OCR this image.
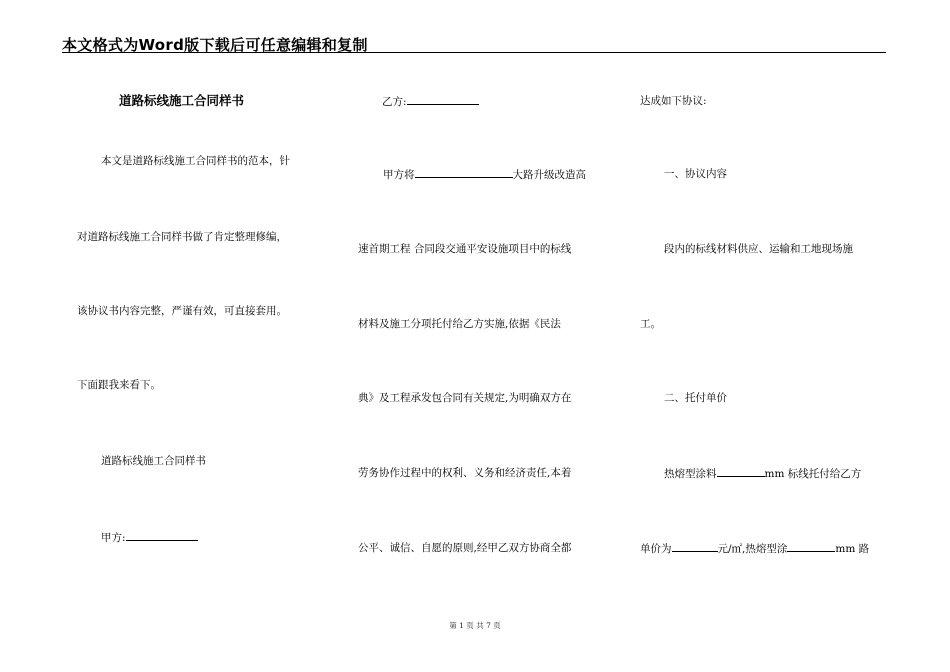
本文格式为Word版下载后可任意编辑和复制
道路标线施工合同样书
本文是道路标线施工合同样书的范本，针
对道路标线施工合同样书做了肯定整理修编，
该协议书内容完整，严谨有效，可直接套用。
下面跟我来看下。
道路标线施工合同样书
甲方:
乙方:
甲方将	大路升级改造高
速首期工程 合同段交通平安设施项目中的标线
材料及施工分项托付给乙方实施,依据《民法
典》及工程承发包合同有关规定,为明确双方在
劳务协作过程中的权利、义务和经济责任,本着
公平、诚信、自愿的原则,经甲乙双方协商全都
达成如下协议:
一、协议内容
段内的标线材料供应、运输和工地现场施
工。
二、托付单价
热熔型涂料	mm 标线托付给乙方
单价为	元/㎡,热熔型涂	mm 路
第 1 页 共 7 页
